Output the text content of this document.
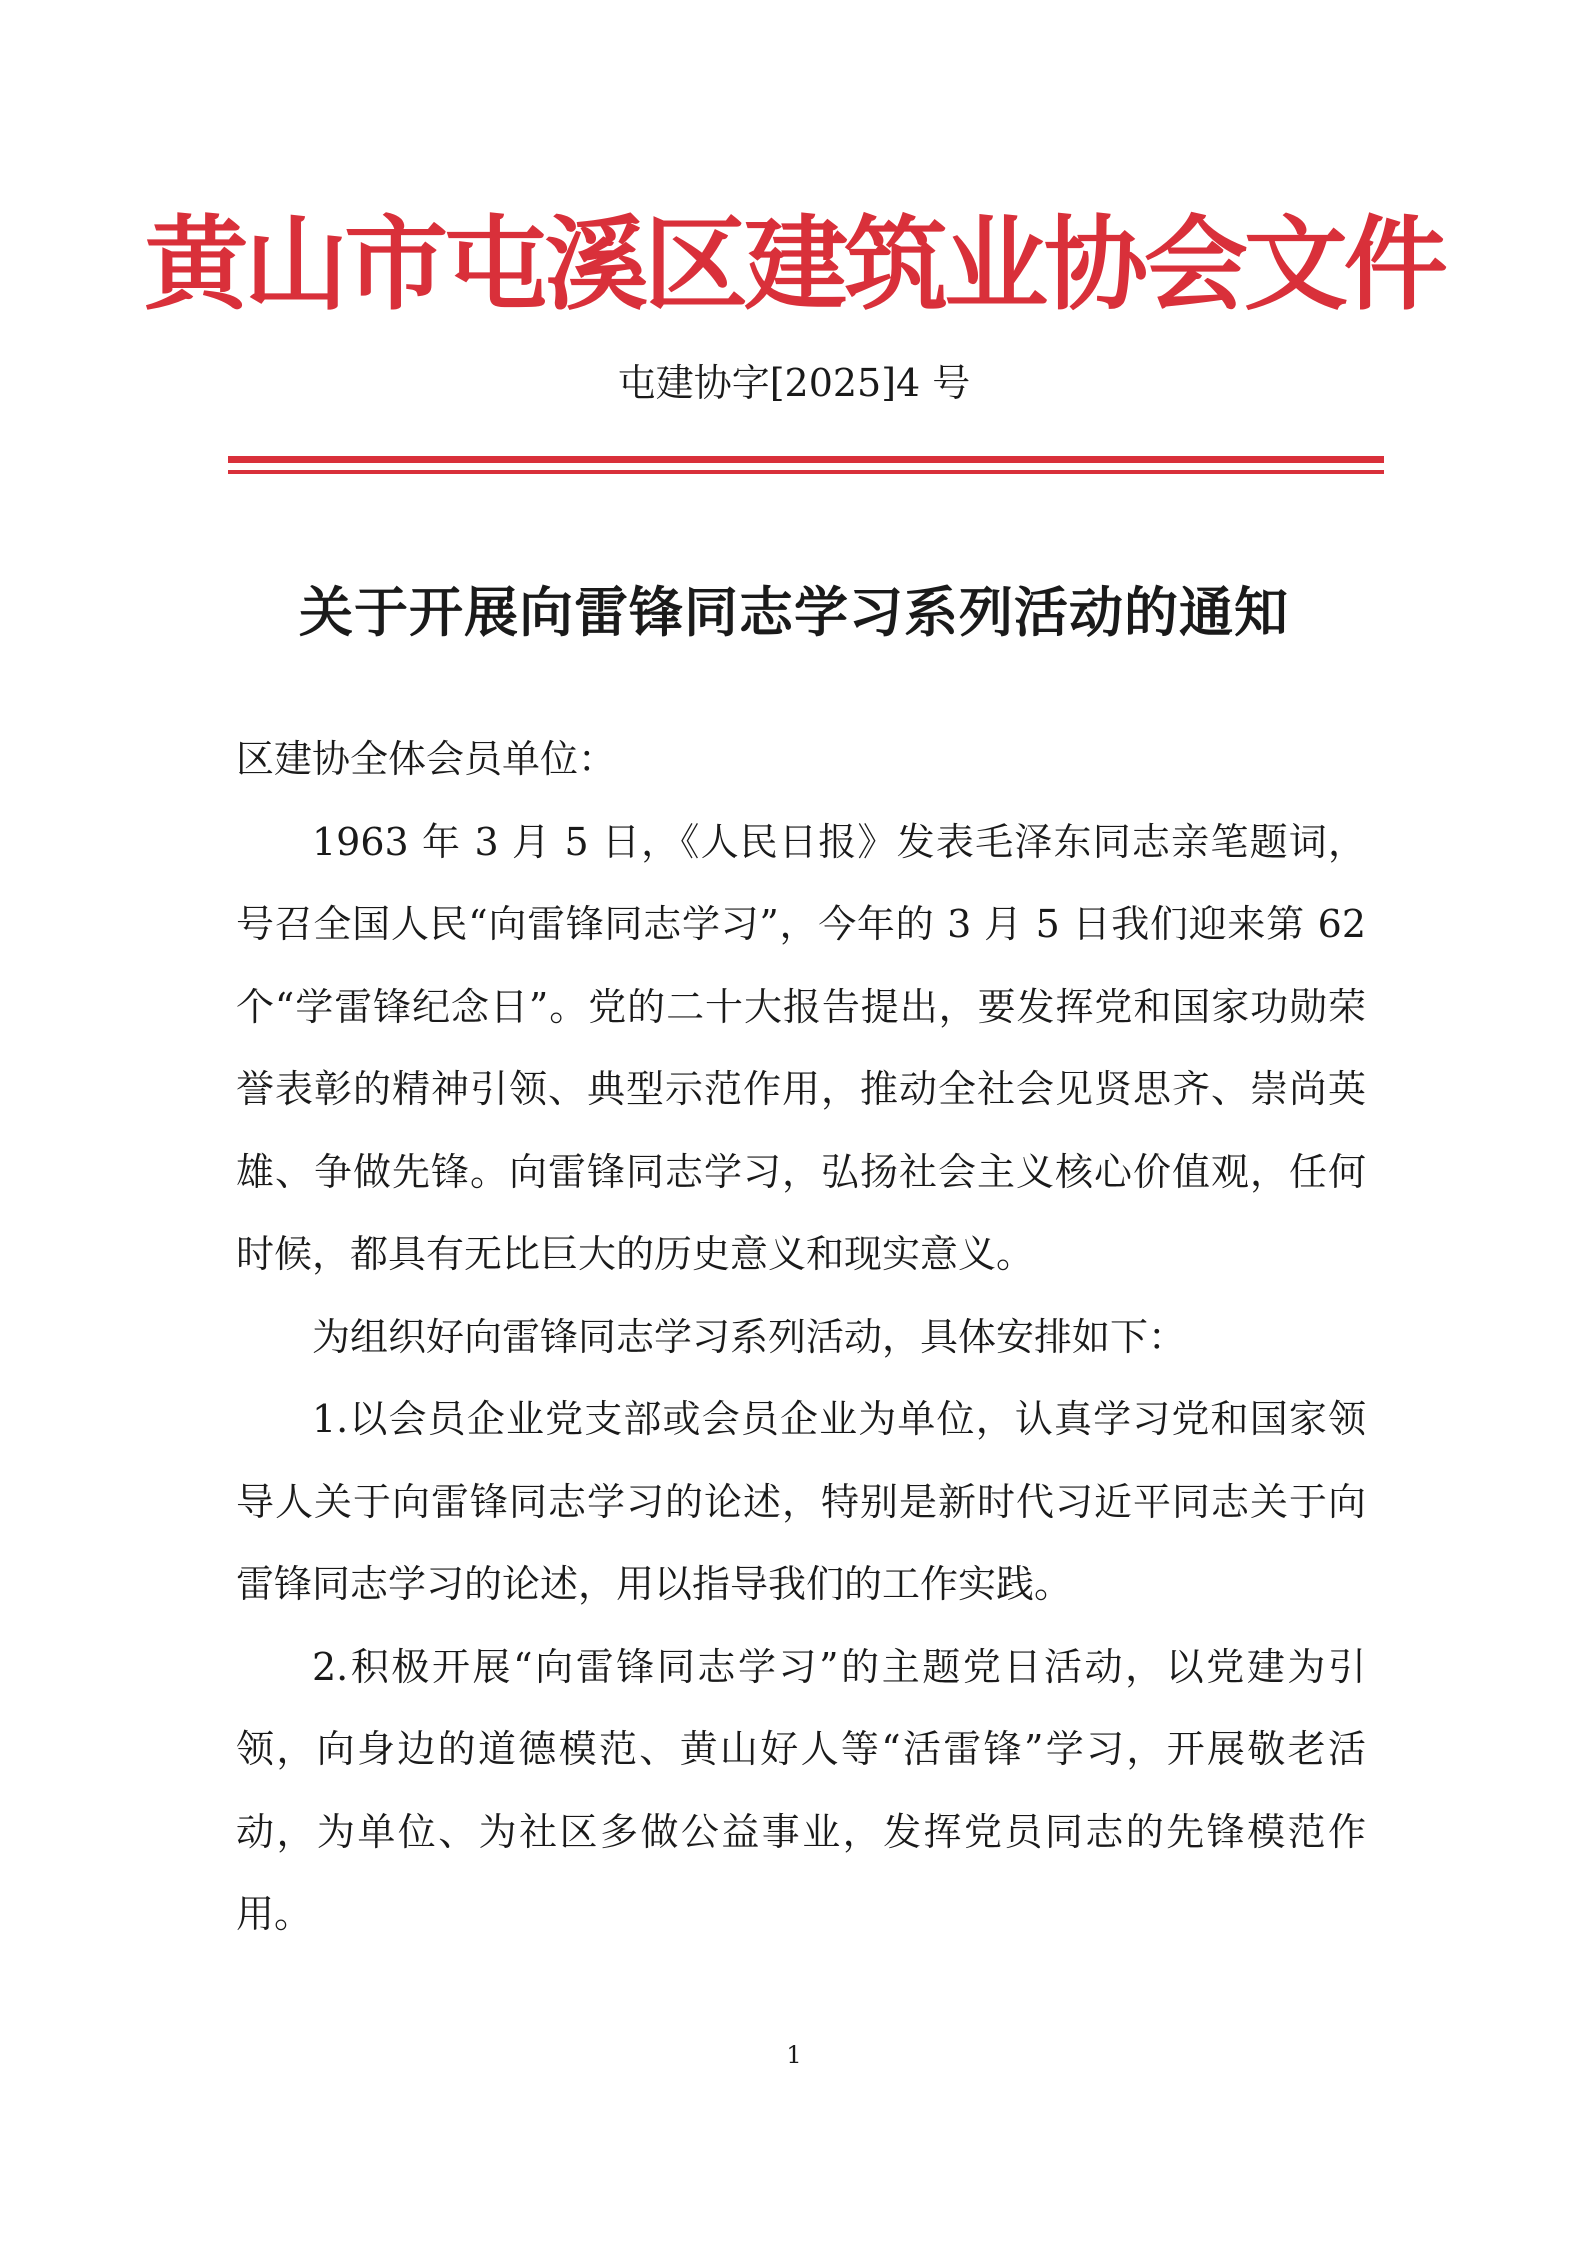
黄山市屯溪区建筑业协会文件
屯建协字[2025]4 号
关于开展向雷锋同志学习系列活动的通知

区建协全体会员单位：

1963 年 3 月 5 日，《人民日报》发表毛泽东同志亲笔题词，号召全国人民“向雷锋同志学习”，今年的 3 月 5 日我们迎来第 62 个“学雷锋纪念日”。党的二十大报告提出，要发挥党和国家功勋荣誉表彰的精神引领、典型示范作用，推动全社会见贤思齐、崇尚英雄、争做先锋。向雷锋同志学习，弘扬社会主义核心价值观，任何时候，都具有无比巨大的历史意义和现实意义。

为组织好向雷锋同志学习系列活动，具体安排如下：

1.以会员企业党支部或会员企业为单位，认真学习党和国家领导人关于向雷锋同志学习的论述，特别是新时代习近平同志关于向雷锋同志学习的论述，用以指导我们的工作实践。

2.积极开展“向雷锋同志学习”的主题党日活动，以党建为引领，向身边的道德模范、黄山好人等“活雷锋”学习，开展敬老活动，为单位、为社区多做公益事业，发挥党员同志的先锋模范作用。

1
